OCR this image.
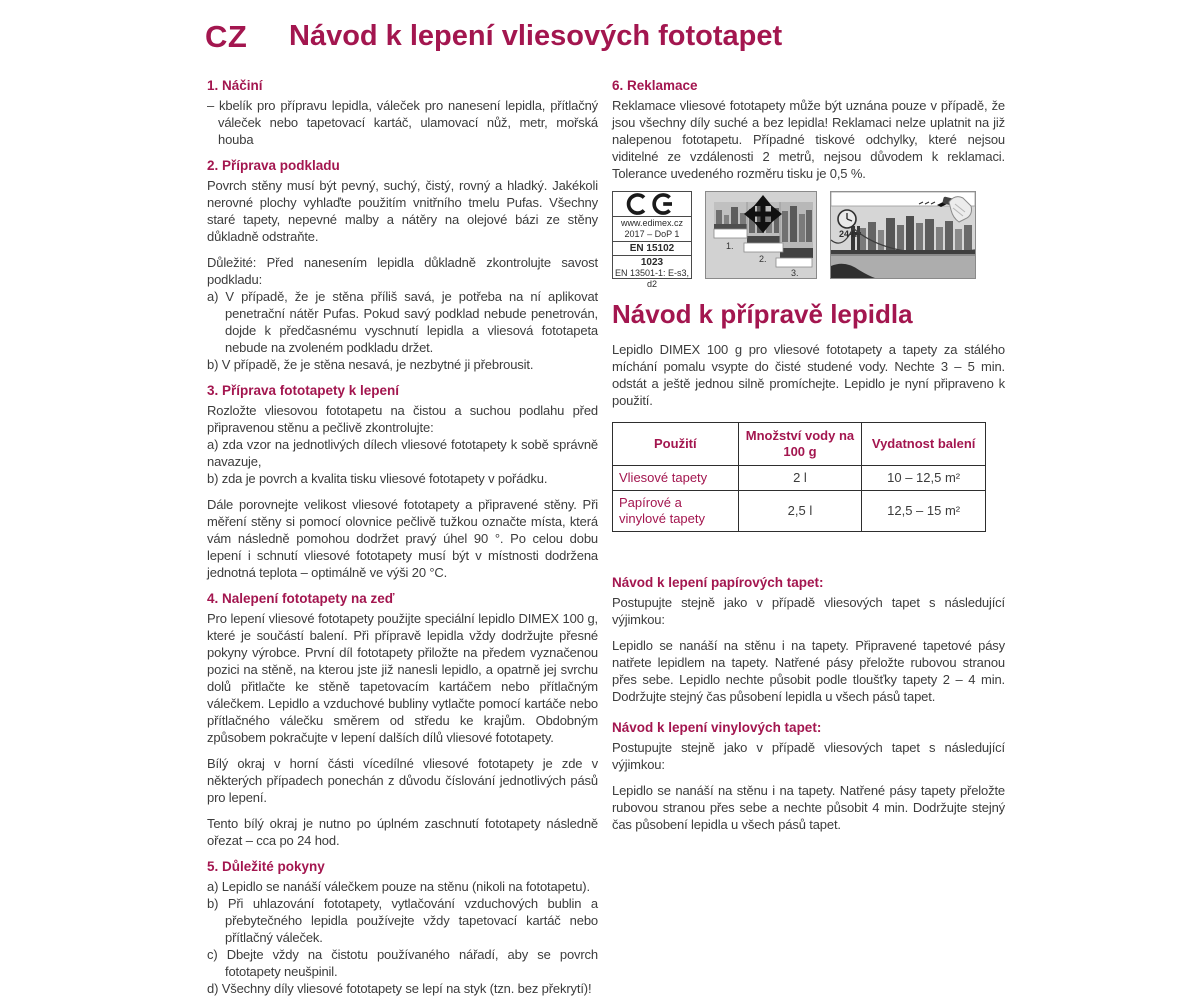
CZ Návod k lepení vliesových fototapet
1. Náčiní
– kbelík pro přípravu lepidla, váleček pro nanesení lepidla, přítlačný váleček nebo tapetovací kartáč, ulamovací nůž, metr, mořská houba
2. Příprava podkladu
Povrch stěny musí být pevný, suchý, čistý, rovný a hladký. Jakékoli nerovné plochy vyhlaďte použitím vnitřního tmelu Pufas. Všechny staré tapety, nepevné malby a nátěry na olejové bázi ze stěny důkladně odstraňte.
Důležité: Před nanesením lepidla důkladně zkontrolujte savost podkladu:
a) V případě, že je stěna příliš savá, je potřeba na ní aplikovat penetrační nátěr Pufas. Pokud savý podklad nebude penetrován, dojde k předčasnému vyschnutí lepidla a vliesová fototapeta nebude na zvoleném podkladu držet.
b) V případě, že je stěna nesavá, je nezbytné ji přebrousit.
3. Příprava fototapety k lepení
Rozložte vliesovou fototapetu na čistou a suchou podlahu před připravenou stěnu a pečlivě zkontrolujte:
a) zda vzor na jednotlivých dílech vliesové fototapety k sobě správně navazuje,
b) zda je povrch a kvalita tisku vliesové fototapety v pořádku.
Dále porovnejte velikost vliesové fototapety a připravené stěny. Při měření stěny si pomocí olovnice pečlivě tužkou označte místa, která vám následně pomohou dodržet pravý úhel 90 °. Po celou dobu lepení i schnutí vliesové fototapety musí být v místnosti dodržena jednotná teplota – optimálně ve výši 20 °C.
4. Nalepení fototapety na zeď
Pro lepení vliesové fototapety použijte speciální lepidlo DIMEX 100 g, které je součástí balení. Při přípravě lepidla vždy dodržujte přesné pokyny výrobce. První díl fototapety přiložte na předem vyznačenou pozici na stěně, na kterou jste již nanesli lepidlo, a opatrně jej svrchu dolů přitlačte ke stěně tapetovacím kartáčem nebo přítlačným válečkem. Lepidlo a vzduchové bubliny vytlačte pomocí kartáče nebo přítlačného válečku směrem od středu ke krajům. Obdobným způsobem pokračujte v lepení dalších dílů vliesové fototapety.
Bílý okraj v horní části vícedílné vliesové fototapety je zde v některých případech ponechán z důvodu číslování jednotlivých pásů pro lepení.
Tento bílý okraj je nutno po úplném zaschnutí fototapety následně ořezat – cca po 24 hod.
5. Důležité pokyny
a) Lepidlo se nanáší válečkem pouze na stěnu (nikoli na fototapetu).
b) Při uhlazování fototapety, vytlačování vzduchových bublin a přebytečného lepidla používejte vždy tapetovací kartáč nebo přítlačný váleček.
c) Dbejte vždy na čistotu používaného nářadí, aby se povrch fototapety neušpinil.
d) Všechny díly vliesové fototapety se lepí na styk (tzn. bez překrytí)!
6. Reklamace
Reklamace vliesové fototapety může být uznána pouze v případě, že jsou všechny díly suché a bez lepidla! Reklamaci nelze uplatnit na již nalepenou fototapetu. Případné tiskové odchylky, které nejsou viditelné ze vzdálenosti 2 metrů, nejsou důvodem k reklamaci. Tolerance uvedeného rozměru tisku je 0,5 %.
www.edimex.cz
2017 – DoP 1
EN 15102
1023
EN 13501-1: E-s3, d2
1.
2.
3.
24 h
Návod k přípravě lepidla
Lepidlo DIMEX 100 g pro vliesové fototapety a tapety za stálého míchání pomalu vsypte do čisté studené vody. Nechte 3 – 5 min. odstát a ještě jednou silně promíchejte. Lepidlo je nyní připraveno k použití.
Použití	Množství vody na 100 g	Vydatnost balení
Vliesové tapety	2 l	10 – 12,5 m²
Papírové a vinylové tapety	2,5 l	12,5 – 15 m²
Návod k lepení papírových tapet:
Postupujte stejně jako v případě vliesových tapet s následující výjimkou:
Lepidlo se nanáší na stěnu i na tapety. Připravené tapetové pásy natřete lepidlem na tapety. Natřené pásy přeložte rubovou stranou přes sebe. Lepidlo nechte působit podle tloušťky tapety 2 – 4 min. Dodržujte stejný čas působení lepidla u všech pásů tapet.
Návod k lepení vinylových tapet:
Postupujte stejně jako v případě vliesových tapet s následující výjimkou:
Lepidlo se nanáší na stěnu i na tapety. Natřené pásy tapety přeložte rubovou stranou přes sebe a nechte působit 4 min. Dodržujte stejný čas působení lepidla u všech pásů tapet.
